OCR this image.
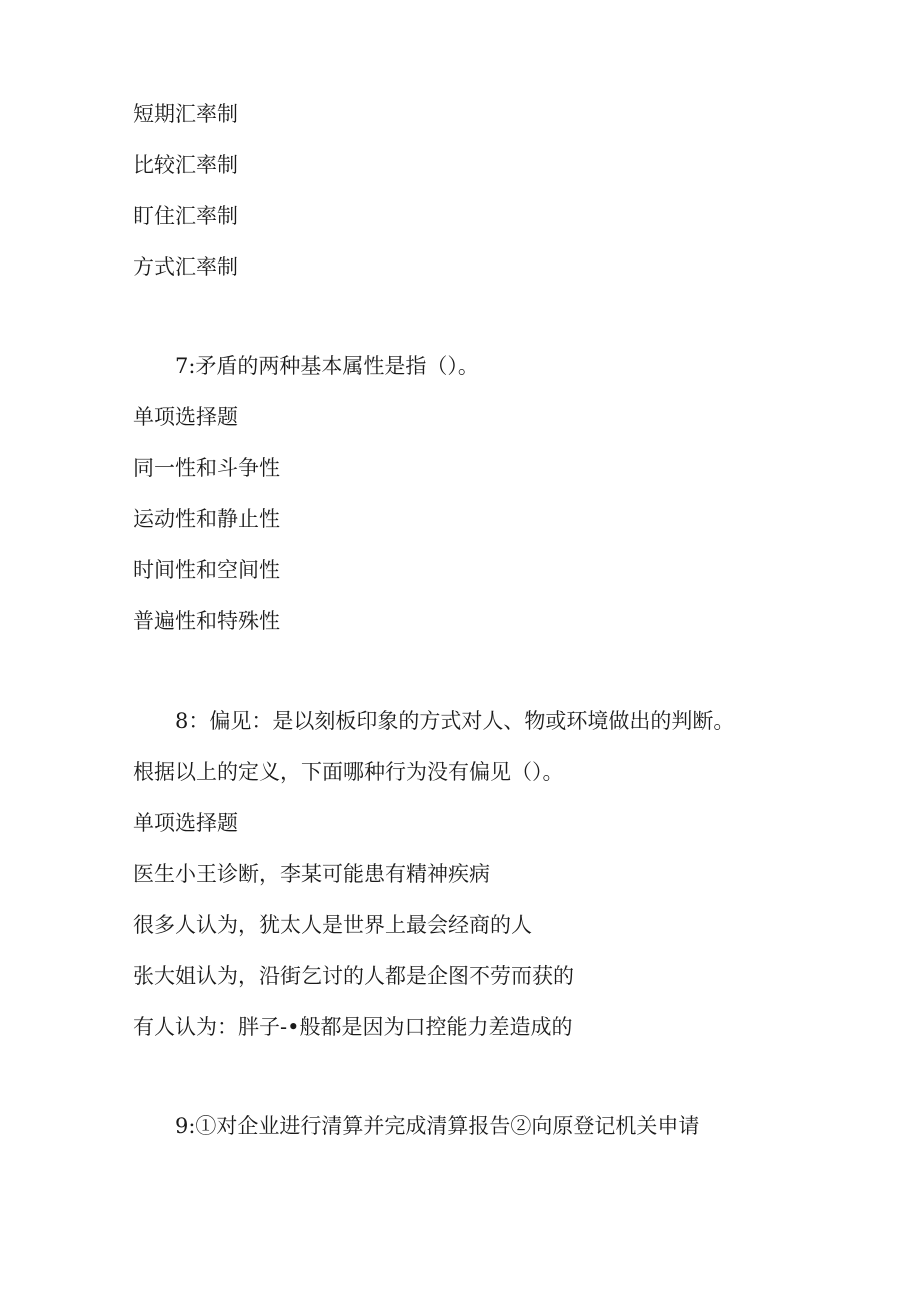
短期汇率制
比较汇率制
盯住汇率制
方式汇率制
7:矛盾的两种基本属性是指（）。
单项选择题
同一性和斗争性
运动性和静止性
时间性和空间性
普遍性和特殊性
8：偏见：是以刻板印象的方式对人、物或环境做出的判断。
根据以上的定义，下面哪种行为没有偏见（）。
单项选择题
医生小王诊断，李某可能患有精神疾病
很多人认为，犹太人是世界上最会经商的人
张大姐认为，沿街乞讨的人都是企图不劳而获的
有人认为：胖子-•般都是因为口控能力差造成的
9:①对企业进行清算并完成清算报告②向原登记机关申请
